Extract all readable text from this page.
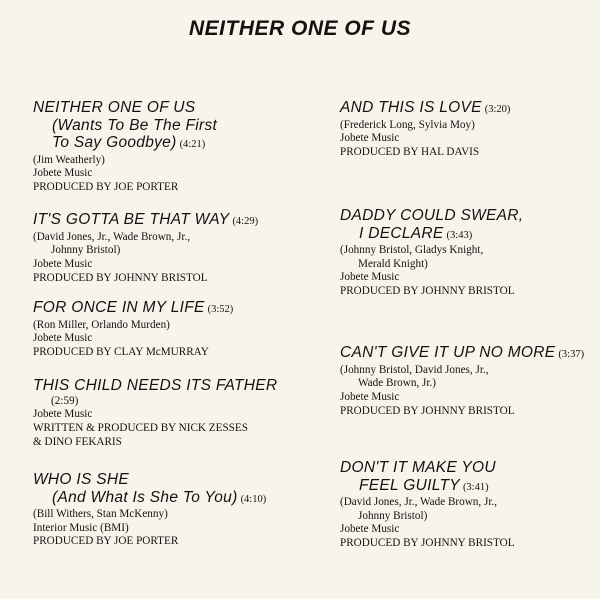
NEITHER ONE OF US
NEITHER ONE OF US
(Wants To Be The First
To Say Goodbye) (4:21)
(Jim Weatherly)
Jobete Music
PRODUCED BY JOE PORTER
IT'S GOTTA BE THAT WAY (4:29)
(David Jones, Jr., Wade Brown, Jr.,
Johnny Bristol)
Jobete Music
PRODUCED BY JOHNNY BRISTOL
FOR ONCE IN MY LIFE (3:52)
(Ron Miller, Orlando Murden)
Jobete Music
PRODUCED BY CLAY McMURRAY
THIS CHILD NEEDS ITS FATHER
(2:59)
Jobete Music
WRITTEN & PRODUCED BY NICK ZESSES
& DINO FEKARIS
WHO IS SHE
(And What Is She To You) (4:10)
(Bill Withers, Stan McKenny)
Interior Music (BMI)
PRODUCED BY JOE PORTER
AND THIS IS LOVE (3:20)
(Frederick Long, Sylvia Moy)
Jobete Music
PRODUCED BY HAL DAVIS
DADDY COULD SWEAR,
I DECLARE (3:43)
(Johnny Bristol, Gladys Knight,
Merald Knight)
Jobete Music
PRODUCED BY JOHNNY BRISTOL
CAN'T GIVE IT UP NO MORE (3:37)
(Johnny Bristol, David Jones, Jr.,
Wade Brown, Jr.)
Jobete Music
PRODUCED BY JOHNNY BRISTOL
DON'T IT MAKE YOU
FEEL GUILTY (3:41)
(David Jones, Jr., Wade Brown, Jr.,
Johnny Bristol)
Jobete Music
PRODUCED BY JOHNNY BRISTOL
